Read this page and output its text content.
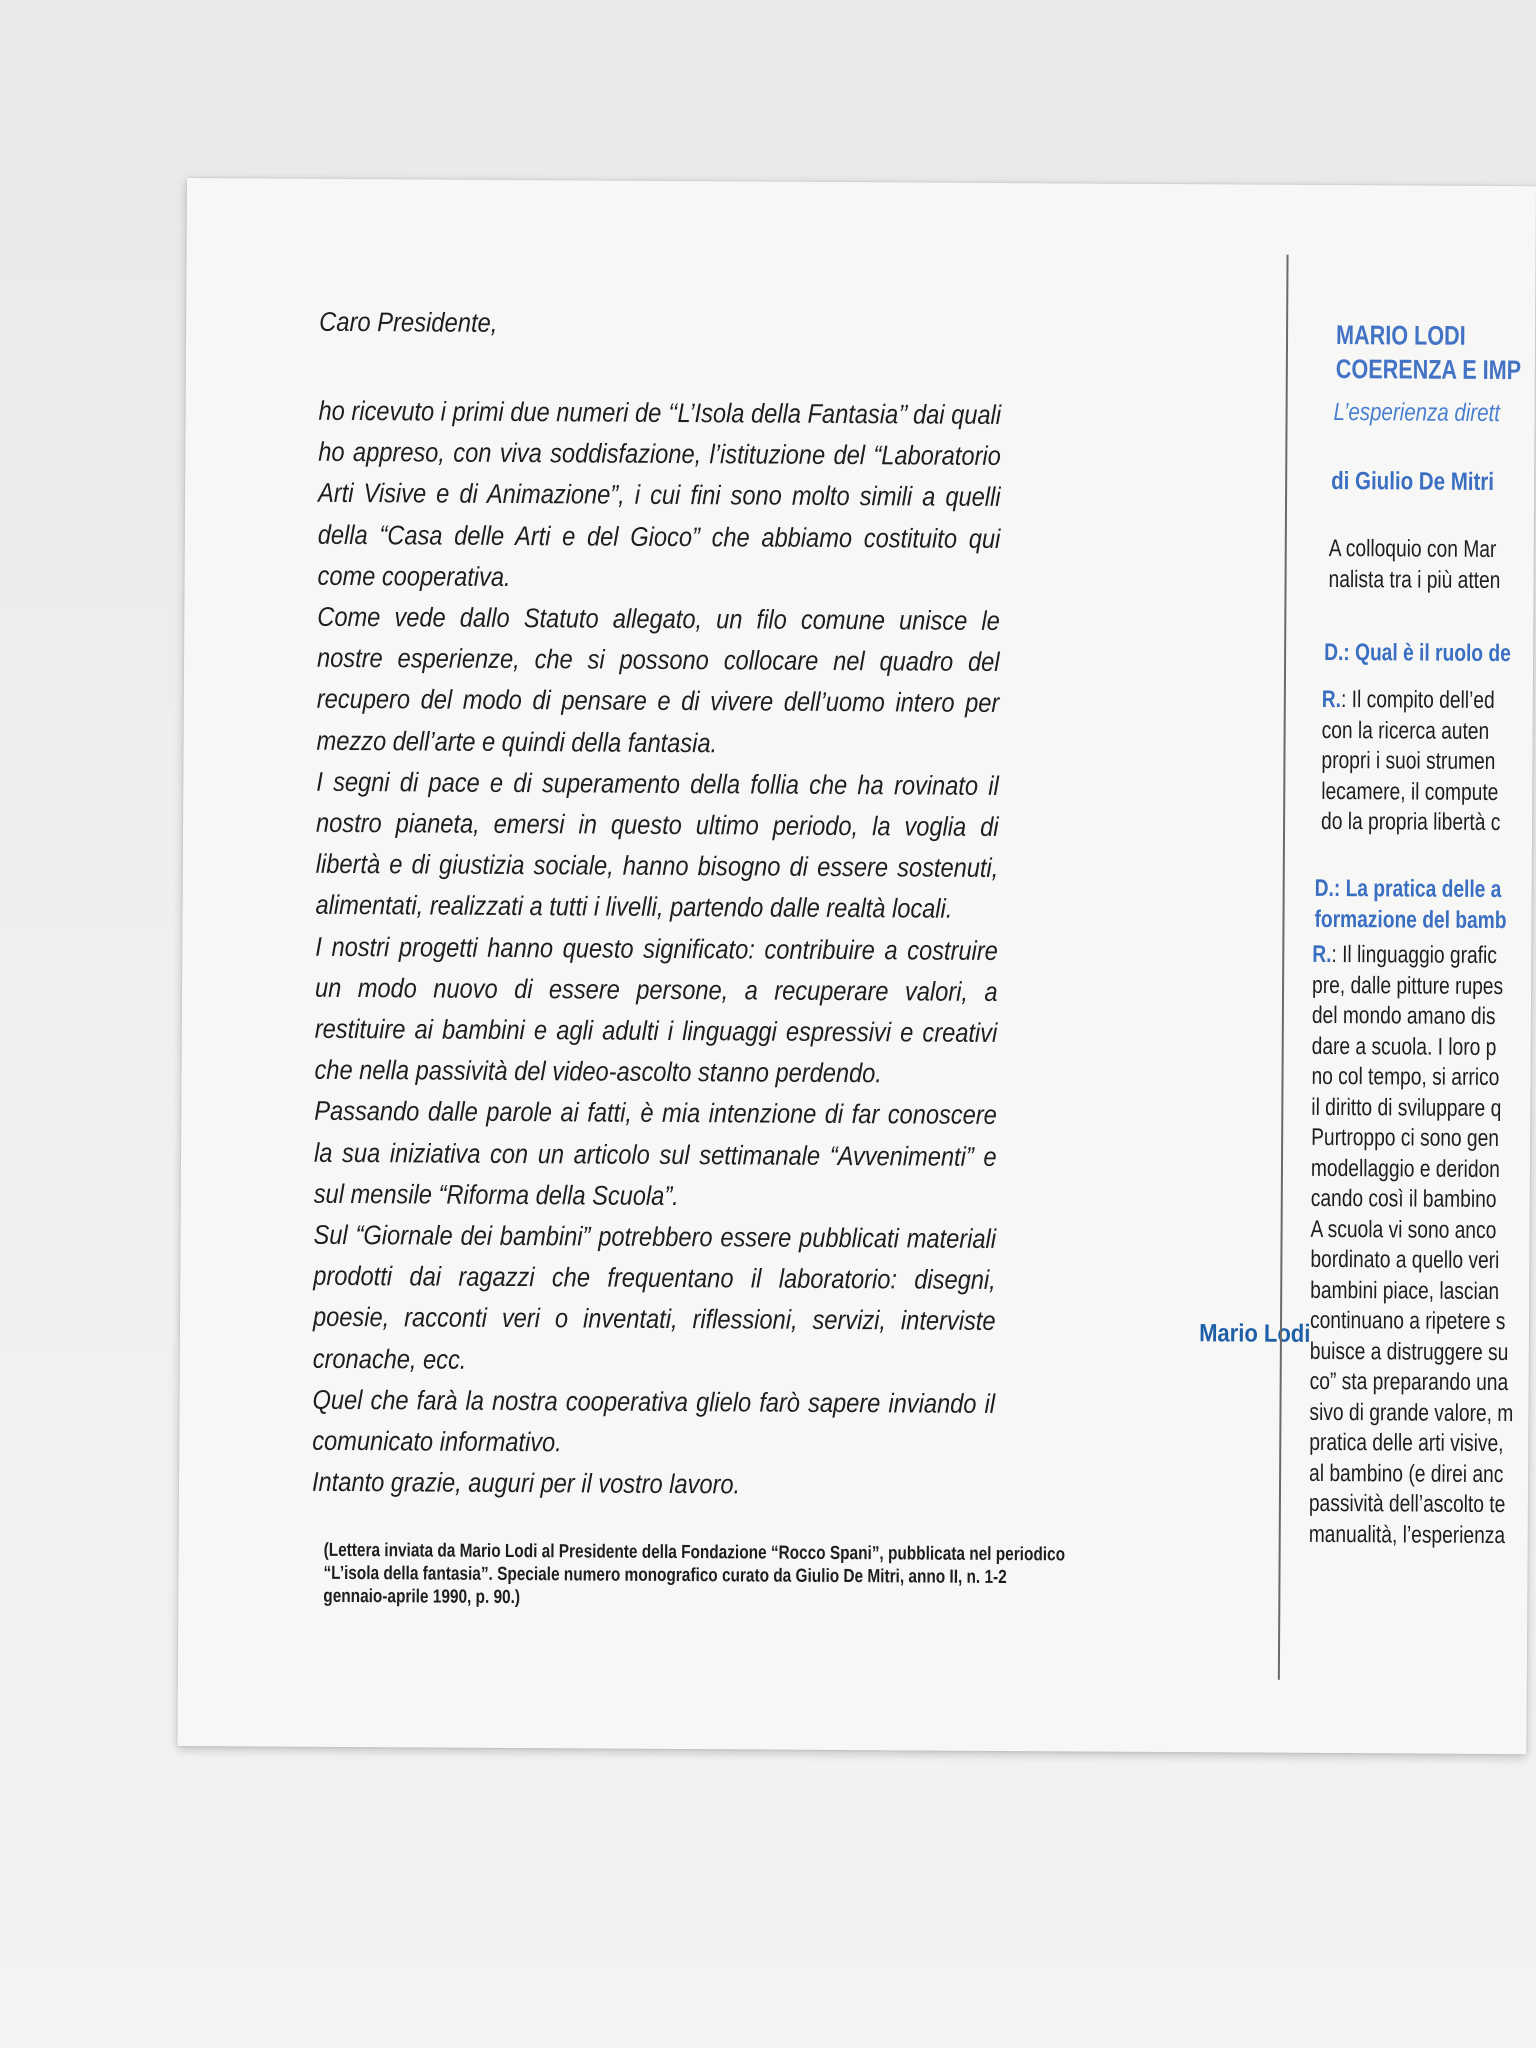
Caro Presidente,

ho ricevuto i primi due numeri de ‘‘L’Isola della Fantasia’’ dai quali ho appreso, con viva soddisfazione, l’istituzione del “Laboratorio Arti Visive e di Animazione”, i cui fini sono molto simili a quelli della “Casa delle Arti e del Gioco” che abbiamo costituito qui come cooperativa.

Come vede dallo Statuto allegato, un filo comune unisce le nostre esperienze, che si possono collocare nel quadro del recupero del modo di pensare e di vivere dell’uomo intero per mezzo dell’arte e quindi della fantasia.

I segni di pace e di superamento della follia che ha rovinato il nostro pianeta, emersi in questo ultimo periodo, la voglia di libertà e di giustizia sociale, hanno bisogno di essere sostenuti, alimentati, realizzati a tutti i livelli, partendo dalle realtà locali.

I nostri progetti hanno questo significato: contribuire a costruire un modo nuovo di essere persone, a recuperare valori, a restituire ai bambini e agli adulti i linguaggi espressivi e creativi che nella passività del video-ascolto stanno perdendo.

Passando dalle parole ai fatti, è mia intenzione di far conoscere la sua iniziativa con un articolo sul settimanale “Avvenimenti” e sul mensile “Riforma della Scuola”.

Sul “Giornale dei bambini” potrebbero essere pubblicati materiali prodotti dai ragazzi che frequentano il laboratorio: disegni, poesie, racconti veri o inventati, riflessioni, servizi, interviste cronache, ecc.

Quel che farà la nostra cooperativa glielo farò sapere inviando il comunicato informativo.

Intanto grazie, auguri per il vostro lavoro.

Mario Lodi

(Lettera inviata da Mario Lodi al Presidente della Fondazione “Rocco Spani”, pubblicata nel periodico “L’isola della fantasia”. Speciale numero monografico curato da Giulio De Mitri, anno II, n. 1-2 gennaio-aprile 1990, p. 90.)

MARIO LODI
COERENZA E IMP

L’esperienza dirett

di Giulio De Mitri

A colloquio con Mar
nalista tra i più atten
D.: Qual è il ruolo de
R.: Il compito dell’ed
con la ricerca auten
propri i suoi strumen
lecamere, il compute
do la propria libertà c
D.: La pratica delle a
formazione del bamb
R.: Il linguaggio grafic
pre, dalle pitture rupes
del mondo amano dis
dare a scuola. I loro p
no col tempo, si arrico
il diritto di sviluppare q
Purtroppo ci sono gen
modellaggio e deridon
cando così il bambino
A scuola vi sono anco
bordinato a quello veri
bambini piace, lascian
continuano a ripetere s
buisce a distruggere su
co” sta preparando una
sivo di grande valore, m
pratica delle arti visive,
al bambino (e direi anc
passività dell’ascolto te
manualità, l’esperienza
